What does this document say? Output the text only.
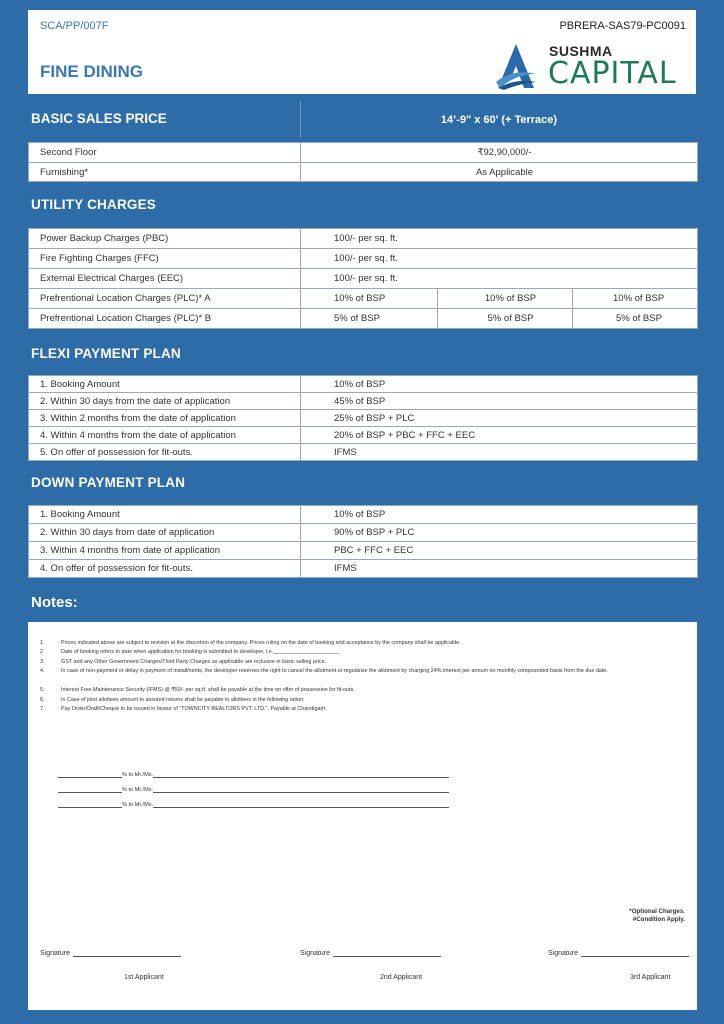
SCA/PP/007F
FINE DINING
PBRERA-SAS79-PC0091
SUSHMA
CAPITAL
BASIC SALES PRICE	14’-9" x 60' (+ Terrace)
Second Floor	₹92,90,000/-
Furnishing*	As Applicable
UTILITY CHARGES
Power Backup Charges (PBC)	100/- per sq. ft.		
Fire Fighting Charges (FFC)	100/- per sq. ft.		
External Electrical Charges (EEC)	100/- per sq. ft.		
Prefrentional Location Charges (PLC)* A	10% of BSP	10% of BSP	10% of BSP
Prefrentional Location Charges (PLC)* B	5% of BSP	5% of BSP	5% of BSP
FLEXI PAYMENT PLAN
1. Booking Amount	10% of BSP
2. Within 30 days from the date of application	45% of BSP
3. Within 2 months from the date of application	25% of BSP + PLC
4. Within 4 months from the date of application	20% of BSP + PBC + FFC + EEC
5. On offer of possession for fit-outs.	IFMS
DOWN PAYMENT PLAN
1. Booking Amount	10% of BSP
2. Within 30 days from date of application	90% of BSP + PLC
3. Within 4 months from date of application	PBC + FFC + EEC
4. On offer of possession for fit-outs.	IFMS
Notes:
1.	Prices indicated above are subject to revision at the discretion of the company. Prices ruling on the date of booking and acceptance by the company shall be applicable.
2	Date of booking refers to date when application for booking is submitted to developer, i.e.______________________
3.	GST and any Other Government Charges/Third Party Charges as applicable are inclusive in basic selling price.
4.	In case of non-payment or delay in payment of installments, the developer reserves the right to cancel the allotment or regularize the allotment by charging 24% interest per annum on monthly compounded basis from the due date.
5.	Interest Free Maintenance Security (IFMS) @ ₹50/- per sq.ft. shall be payable at the time on offer of possession for fit-outs.
6.	In Case of joint allottees amount to assured returns shall be payable to allottees in the following ration:
7.	Pay Order/Draft/Cheque to be issued in favour of "TOWNCITY REALTORS PVT. LTD.", Payable at Chandigarh.
% to Mr./Ms.
% to Mr./Ms.
% to Mr./Ms.
*Optional Charges.
#Condition Apply.
Signature	Signature	Signature
1st Applicant	2nd Applicant	3rd Applicant
